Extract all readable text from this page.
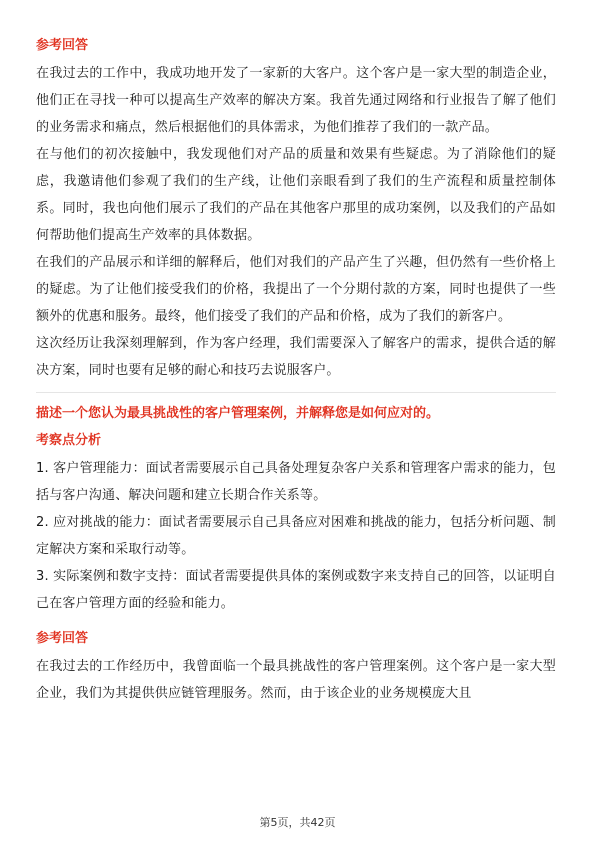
参考回答

在我过去的工作中，我成功地开发了一家新的大客户。这个客户是一家大型的制造企业，他们正在寻找一种可以提高生产效率的解决方案。我首先通过网络和行业报告了解了他们的业务需求和痛点，然后根据他们的具体需求，为他们推荐了我们的一款产品。

在与他们的初次接触中，我发现他们对产品的质量和效果有些疑虑。为了消除他们的疑虑，我邀请他们参观了我们的生产线，让他们亲眼看到了我们的生产流程和质量控制体系。同时，我也向他们展示了我们的产品在其他客户那里的成功案例，以及我们的产品如何帮助他们提高生产效率的具体数据。

在我们的产品展示和详细的解释后，他们对我们的产品产生了兴趣，但仍然有一些价格上的疑虑。为了让他们接受我们的价格，我提出了一个分期付款的方案，同时也提供了一些额外的优惠和服务。最终，他们接受了我们的产品和价格，成为了我们的新客户。

这次经历让我深刻理解到，作为客户经理，我们需要深入了解客户的需求，提供合适的解决方案，同时也要有足够的耐心和技巧去说服客户。

描述一个您认为最具挑战性的客户管理案例，并解释您是如何应对的。

考察点分析

1. 客户管理能力：面试者需要展示自己具备处理复杂客户关系和管理客户需求的能力，包括与客户沟通、解决问题和建立长期合作关系等。

2. 应对挑战的能力：面试者需要展示自己具备应对困难和挑战的能力，包括分析问题、制定解决方案和采取行动等。

3. 实际案例和数字支持：面试者需要提供具体的案例或数字来支持自己的回答，以证明自己在客户管理方面的经验和能力。

参考回答

在我过去的工作经历中，我曾面临一个最具挑战性的客户管理案例。这个客户是一家大型企业，我们为其提供供应链管理服务。然而，由于该企业的业务规模庞大且

第5页，共42页
